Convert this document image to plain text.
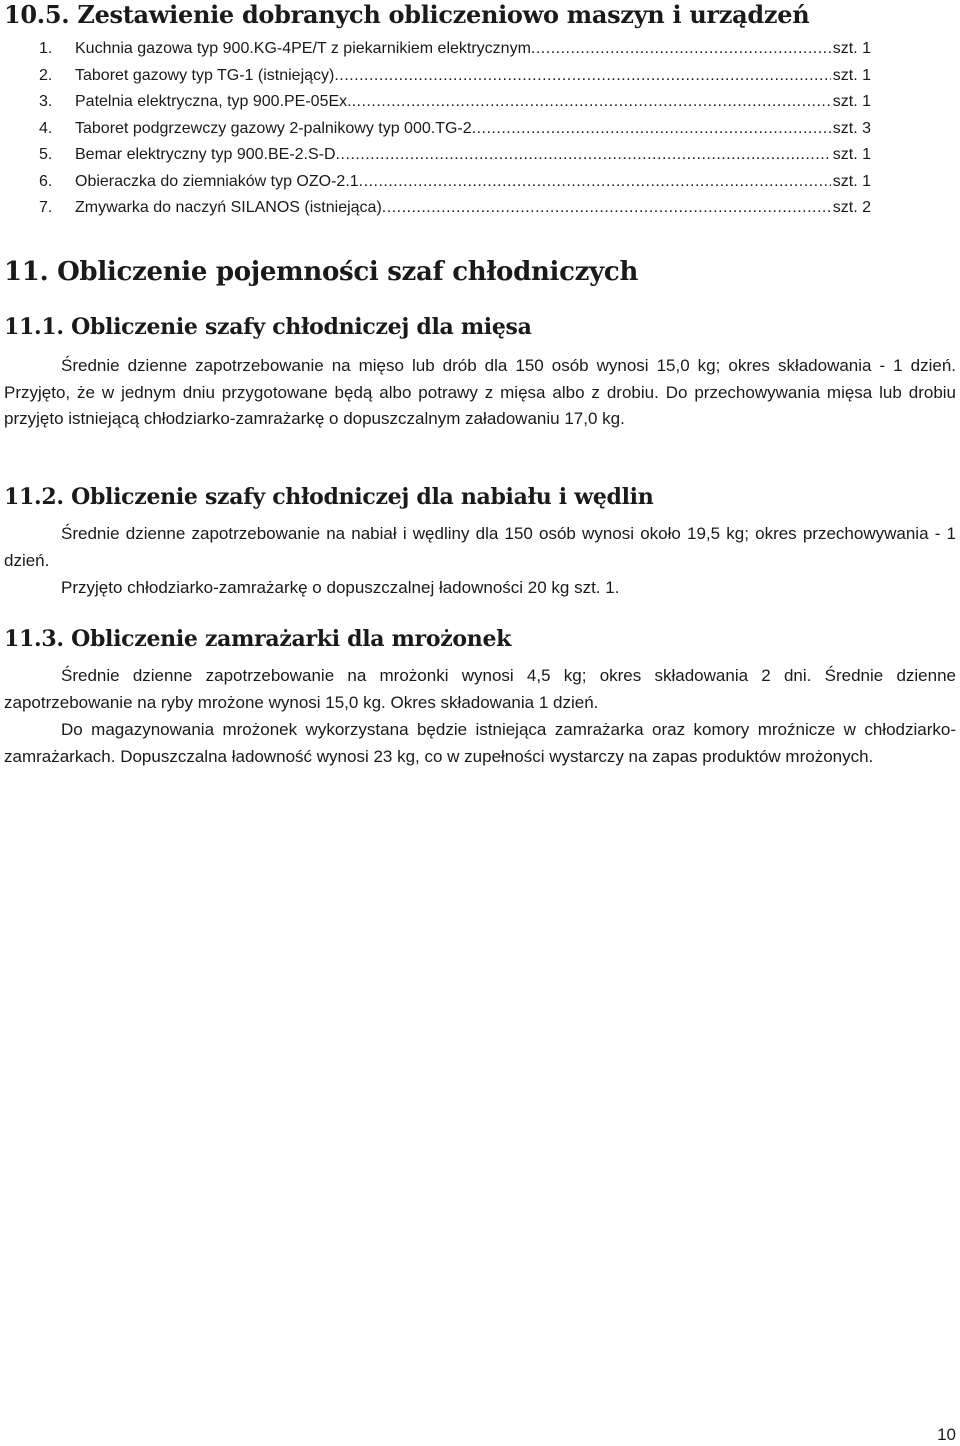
10.5. Zestawienie dobranych obliczeniowo maszyn i urządzeń
1.	Kuchnia gazowa typ 900.KG-4PE/T z piekarnikiem elektrycznym .....	szt. 1
2.	Taboret gazowy typ TG-1 (istniejący) .....	szt. 1
3.	Patelnia elektryczna, typ 900.PE-05Ex. .....	szt. 1
4.	Taboret podgrzewczy gazowy 2-palnikowy typ 000.TG-2 .....	szt. 3
5.	Bemar elektryczny typ 900.BE-2.S-D .....	szt. 1
6.	Obieraczka do ziemniaków typ OZO-2.1 .....	szt. 1
7.	Zmywarka do naczyń SILANOS (istniejąca) .....	szt. 2
11. Obliczenie pojemności szaf chłodniczych
11.1. Obliczenie szafy chłodniczej dla mięsa

Średnie dzienne zapotrzebowanie na mięso lub drób dla 150 osób wynosi 15,0 kg; okres składowania - 1 dzień. Przyjęto, że w jednym dniu przygotowane będą albo potrawy z mięsa albo z drobiu. Do przechowywania mięsa lub drobiu przyjęto istniejącą chłodziarko-zamrażarkę o dopuszczalnym załadowaniu 17,0 kg.

11.2. Obliczenie szafy chłodniczej dla nabiału i wędlin

Średnie dzienne zapotrzebowanie na nabiał i wędliny dla 150 osób wynosi około 19,5 kg; okres przechowywania - 1 dzień.

Przyjęto chłodziarko-zamrażarkę o dopuszczalnej ładowności 20 kg szt. 1.

11.3. Obliczenie zamrażarki dla mrożonek

Średnie dzienne zapotrzebowanie na mrożonki wynosi 4,5 kg; okres składowania 2 dni. Średnie dzienne zapotrzebowanie na ryby mrożone wynosi 15,0 kg. Okres składowania 1 dzień.

Do magazynowania mrożonek wykorzystana będzie istniejąca zamrażarka oraz komory mroźnicze w chłodziarko-zamrażarkach. Dopuszczalna ładowność wynosi 23 kg, co w zupełności wystarczy na zapas produktów mrożonych.

10
